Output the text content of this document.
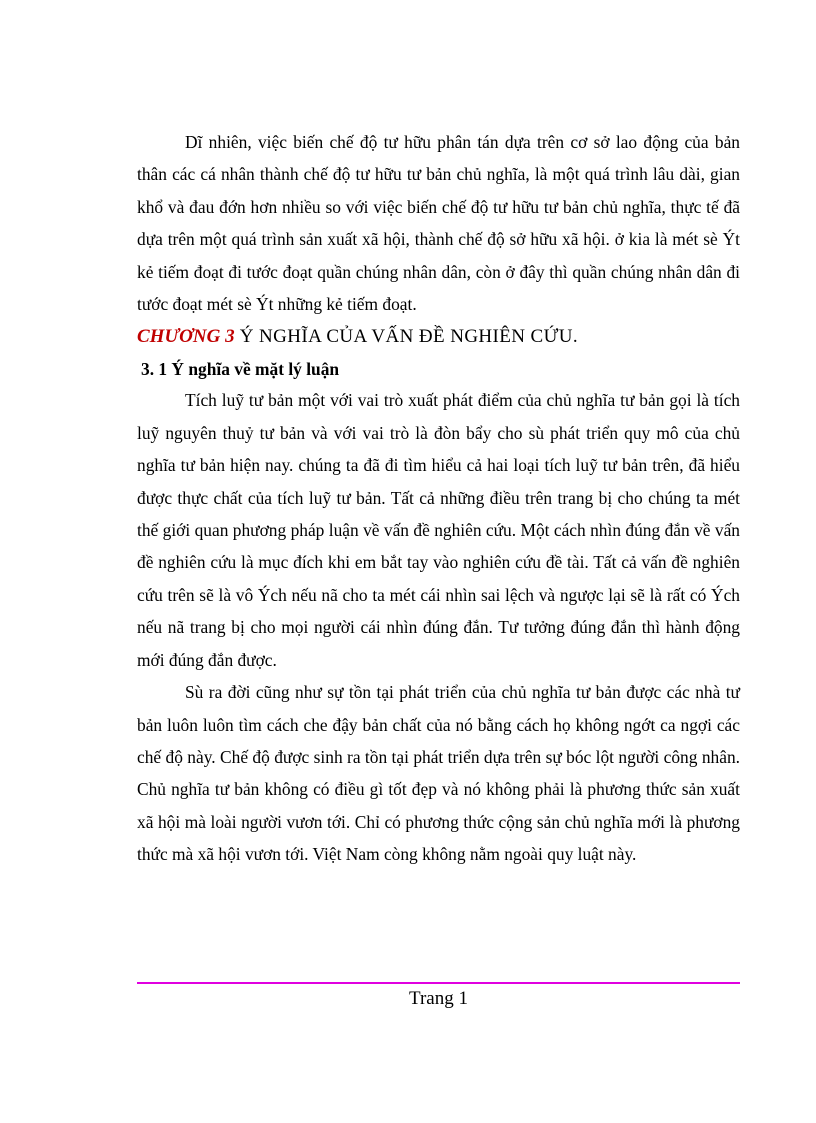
Dĩ nhiên, việc biến chế độ tư hữu phân tán dựa trên cơ sở lao động của bản thân các cá nhân thành chế độ tư hữu tư bản chủ nghĩa, là một quá trình lâu dài, gian khổ và đau đớn hơn nhiều so với việc biến chế độ tư hữu tư bản chủ nghĩa, thực tế đã dựa trên một quá trình sản xuất xã hội, thành chế độ sở hữu xã hội. ở kia là mét sè Ýt kẻ tiếm đoạt đi tước đoạt quần chúng nhân dân, còn ở đây thì quần chúng nhân dân đi tước đoạt mét sè Ýt những kẻ tiếm đoạt.

CHƯƠNG 3 Ý NGHĨA CỦA VẤN ĐỀ NGHIÊN CỨU.

3. 1 Ý nghĩa về mặt lý luận

Tích luỹ tư bản một với vai trò xuất phát điểm của chủ nghĩa tư bản gọi là tích luỹ nguyên thuỷ tư bản và với vai trò là đòn bẩy cho sù phát triển quy mô của chủ nghĩa tư bản hiện nay. chúng ta đã đi tìm hiểu cả hai loại tích luỹ tư bản trên, đã hiểu được thực chất của tích luỹ tư bản. Tất cả những điều trên trang bị cho chúng ta mét thế giới quan phương pháp luận về vấn đề nghiên cứu. Một cách nhìn đúng đắn về vấn đề nghiên cứu là mục đích khi em bắt tay vào nghiên cứu đề tài. Tất cả vấn đề nghiên cứu trên sẽ là vô Ých nếu nã cho ta mét cái nhìn sai lệch và ngược lại sẽ là rất có Ých nếu nã trang bị cho mọi người cái nhìn đúng đắn. Tư tưởng đúng đắn thì hành động mới đúng đắn được.

Sù ra đời cũng như sự tồn tại phát triển của chủ nghĩa tư bản được các nhà tư bản luôn luôn tìm cách che đậy bản chất của nó bằng cách họ không ngớt ca ngợi các chế độ này. Chế độ được sinh ra tồn tại phát triển dựa trên sự bóc lột người công nhân. Chủ nghĩa tư bản không có điều gì tốt đẹp và nó không phải là phương thức sản xuất xã hội mà loài người vươn tới. Chỉ có phương thức cộng sản chủ nghĩa mới là phương thức mà xã hội vươn tới. Việt Nam còng không nằm ngoài quy luật này.

Trang 1
